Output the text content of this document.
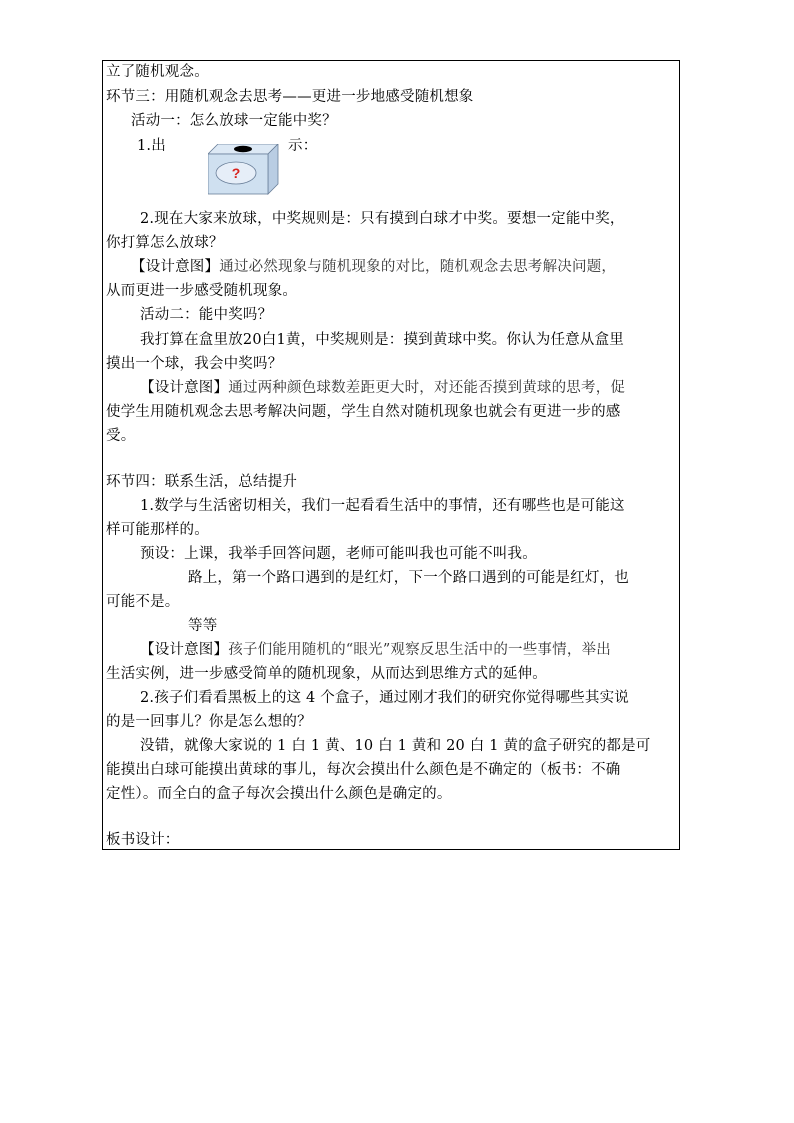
立了随机观念。
环节三：用随机观念去思考——更进一步地感受随机想象
活动一：怎么放球一定能中奖？
1.出	示：
?
2.现在大家来放球，中奖规则是：只有摸到白球才中奖。要想一定能中奖，
你打算怎么放球？
【设计意图】通过必然现象与随机现象的对比，随机观念去思考解决问题，
从而更进一步感受随机现象。
活动二：能中奖吗？
我打算在盒里放20白1黄，中奖规则是：摸到黄球中奖。你认为任意从盒里
摸出一个球，我会中奖吗？
【设计意图】通过两种颜色球数差距更大时，对还能否摸到黄球的思考，促
使学生用随机观念去思考解决问题，学生自然对随机现象也就会有更进一步的感
受。
环节四：联系生活，总结提升
1.数学与生活密切相关，我们一起看看生活中的事情，还有哪些也是可能这
样可能那样的。
预设：上课，我举手回答问题，老师可能叫我也可能不叫我。
路上，第一个路口遇到的是红灯，下一个路口遇到的可能是红灯，也
可能不是。
等等
【设计意图】孩子们能用随机的“眼光”观察反思生活中的一些事情，举出
生活实例，进一步感受简单的随机现象，从而达到思维方式的延伸。
2.孩子们看看黑板上的这 4 个盒子，通过刚才我们的研究你觉得哪些其实说
的是一回事儿？你是怎么想的？
没错，就像大家说的 1 白 1 黄、10 白 1 黄和 20 白 1 黄的盒子研究的都是可
能摸出白球可能摸出黄球的事儿，每次会摸出什么颜色是不确定的（板书：不确
定性）。而全白的盒子每次会摸出什么颜色是确定的。
板书设计：
